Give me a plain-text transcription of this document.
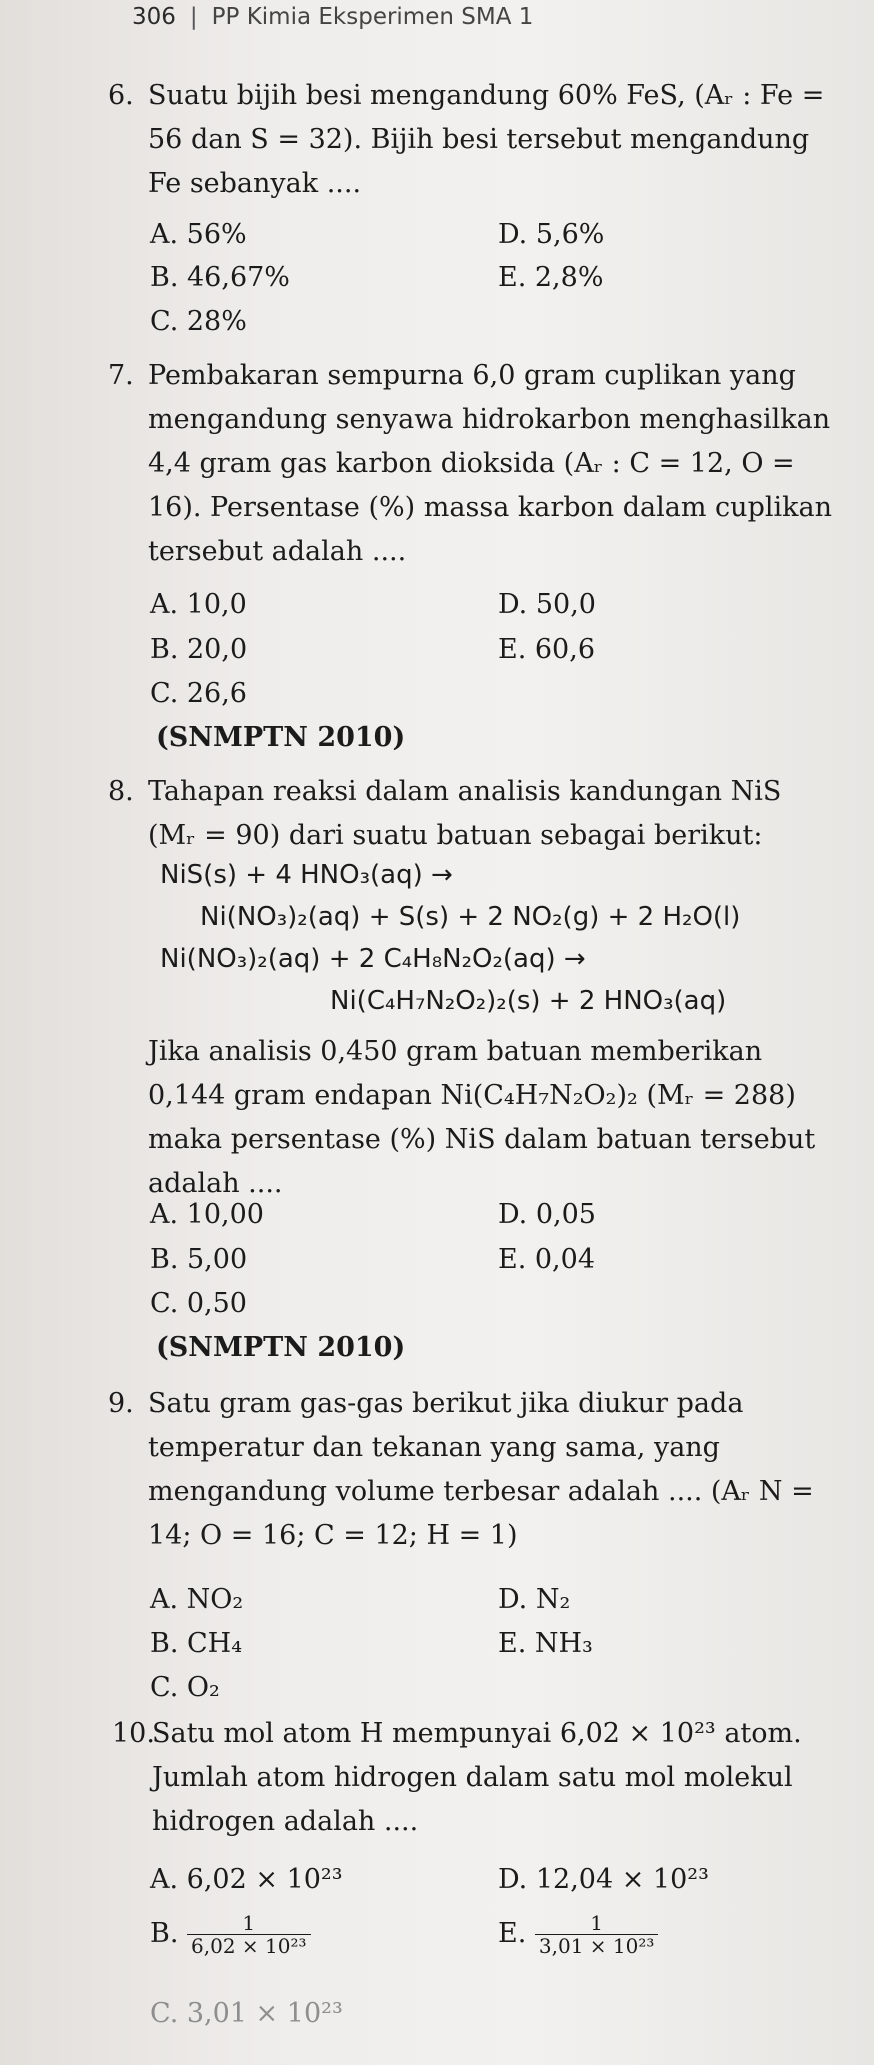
306 | PP Kimia Eksperimen SMA 1
6. Suatu bijih besi mengandung 60% FeS, (Aᵣ : Fe = 56 dan S = 32). Bijih besi tersebut mengandung Fe sebanyak ....

A. 56%
B. 46,67%
C. 28%
D. 5,6%
E. 2,8%
7. Pembakaran sempurna 6,0 gram cuplikan yang mengandung senyawa hidrokarbon menghasilkan 4,4 gram gas karbon dioksida (Aᵣ : C = 12, O = 16). Persentase (%) massa karbon dalam cuplikan tersebut adalah ....

A. 10,0
B. 20,0
C. 26,6
D. 50,0
E. 60,6
(SNMPTN 2010)
8. Tahapan reaksi dalam analisis kandungan NiS

(Mᵣ = 90) dari suatu batuan sebagai berikut:

NiS(s) + 4 HNO₃(aq) →
Ni(NO₃)₂(aq) + S(s) + 2 NO₂(g) + 2 H₂O(l)
Ni(NO₃)₂(aq) + 2 C₄H₈N₂O₂(aq) →
Ni(C₄H₇N₂O₂)₂(s) + 2 HNO₃(aq)

Jika analisis 0,450 gram batuan memberikan 0,144 gram endapan Ni(C₄H₇N₂O₂)₂ (Mᵣ = 288) maka persentase (%) NiS dalam batuan tersebut adalah ....

A. 10,00
B. 5,00
C. 0,50
D. 0,05
E. 0,04
(SNMPTN 2010)
9. Satu gram gas-gas berikut jika diukur pada temperatur dan tekanan yang sama, yang mengandung volume terbesar adalah .... (Aᵣ N = 14; O = 16; C = 12; H = 1)

A. NO₂
B. CH₄
C. O₂
D. N₂
E. NH₃
10.

Satu mol atom H mempunyai 6,02 × 10²³ atom. Jumlah atom hidrogen dalam satu mol molekul hidrogen adalah ....

A. 6,02 × 10²³
B. $\frac{1}{\text{6,02 × 10²³}}$
C. 3,01 × 10²³
D. 12,04 × 10²³
E. $\frac{1}{\text{3,01 × 10²³}}$
